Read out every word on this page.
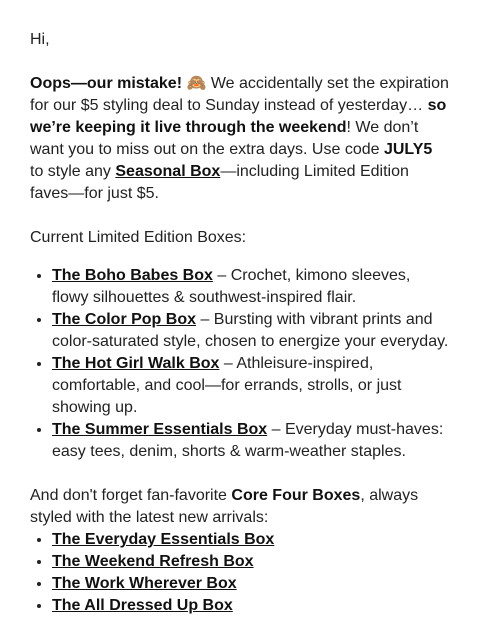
Hi,

Oops—our mistake! 🙈 We accidentally set the expiration for our $5 styling deal to Sunday instead of yesterday… so we’re keeping it live through the weekend! We don’t want you to miss out on the extra days. Use code JULY5 to style any Seasonal Box—including Limited Edition faves—for just $5.

Current Limited Edition Boxes:

• The Boho Babes Box – Crochet, kimono sleeves, flowy silhouettes & southwest-inspired flair.
• The Color Pop Box – Bursting with vibrant prints and color-saturated style, chosen to energize your everyday.
• The Hot Girl Walk Box – Athleisure-inspired, comfortable, and cool—for errands, strolls, or just showing up.
• The Summer Essentials Box – Everyday must-haves: easy tees, denim, shorts & warm-weather staples.

And don't forget fan-favorite Core Four Boxes, always styled with the latest new arrivals:

• The Everyday Essentials Box
• The Weekend Refresh Box
• The Work Wherever Box
• The All Dressed Up Box
